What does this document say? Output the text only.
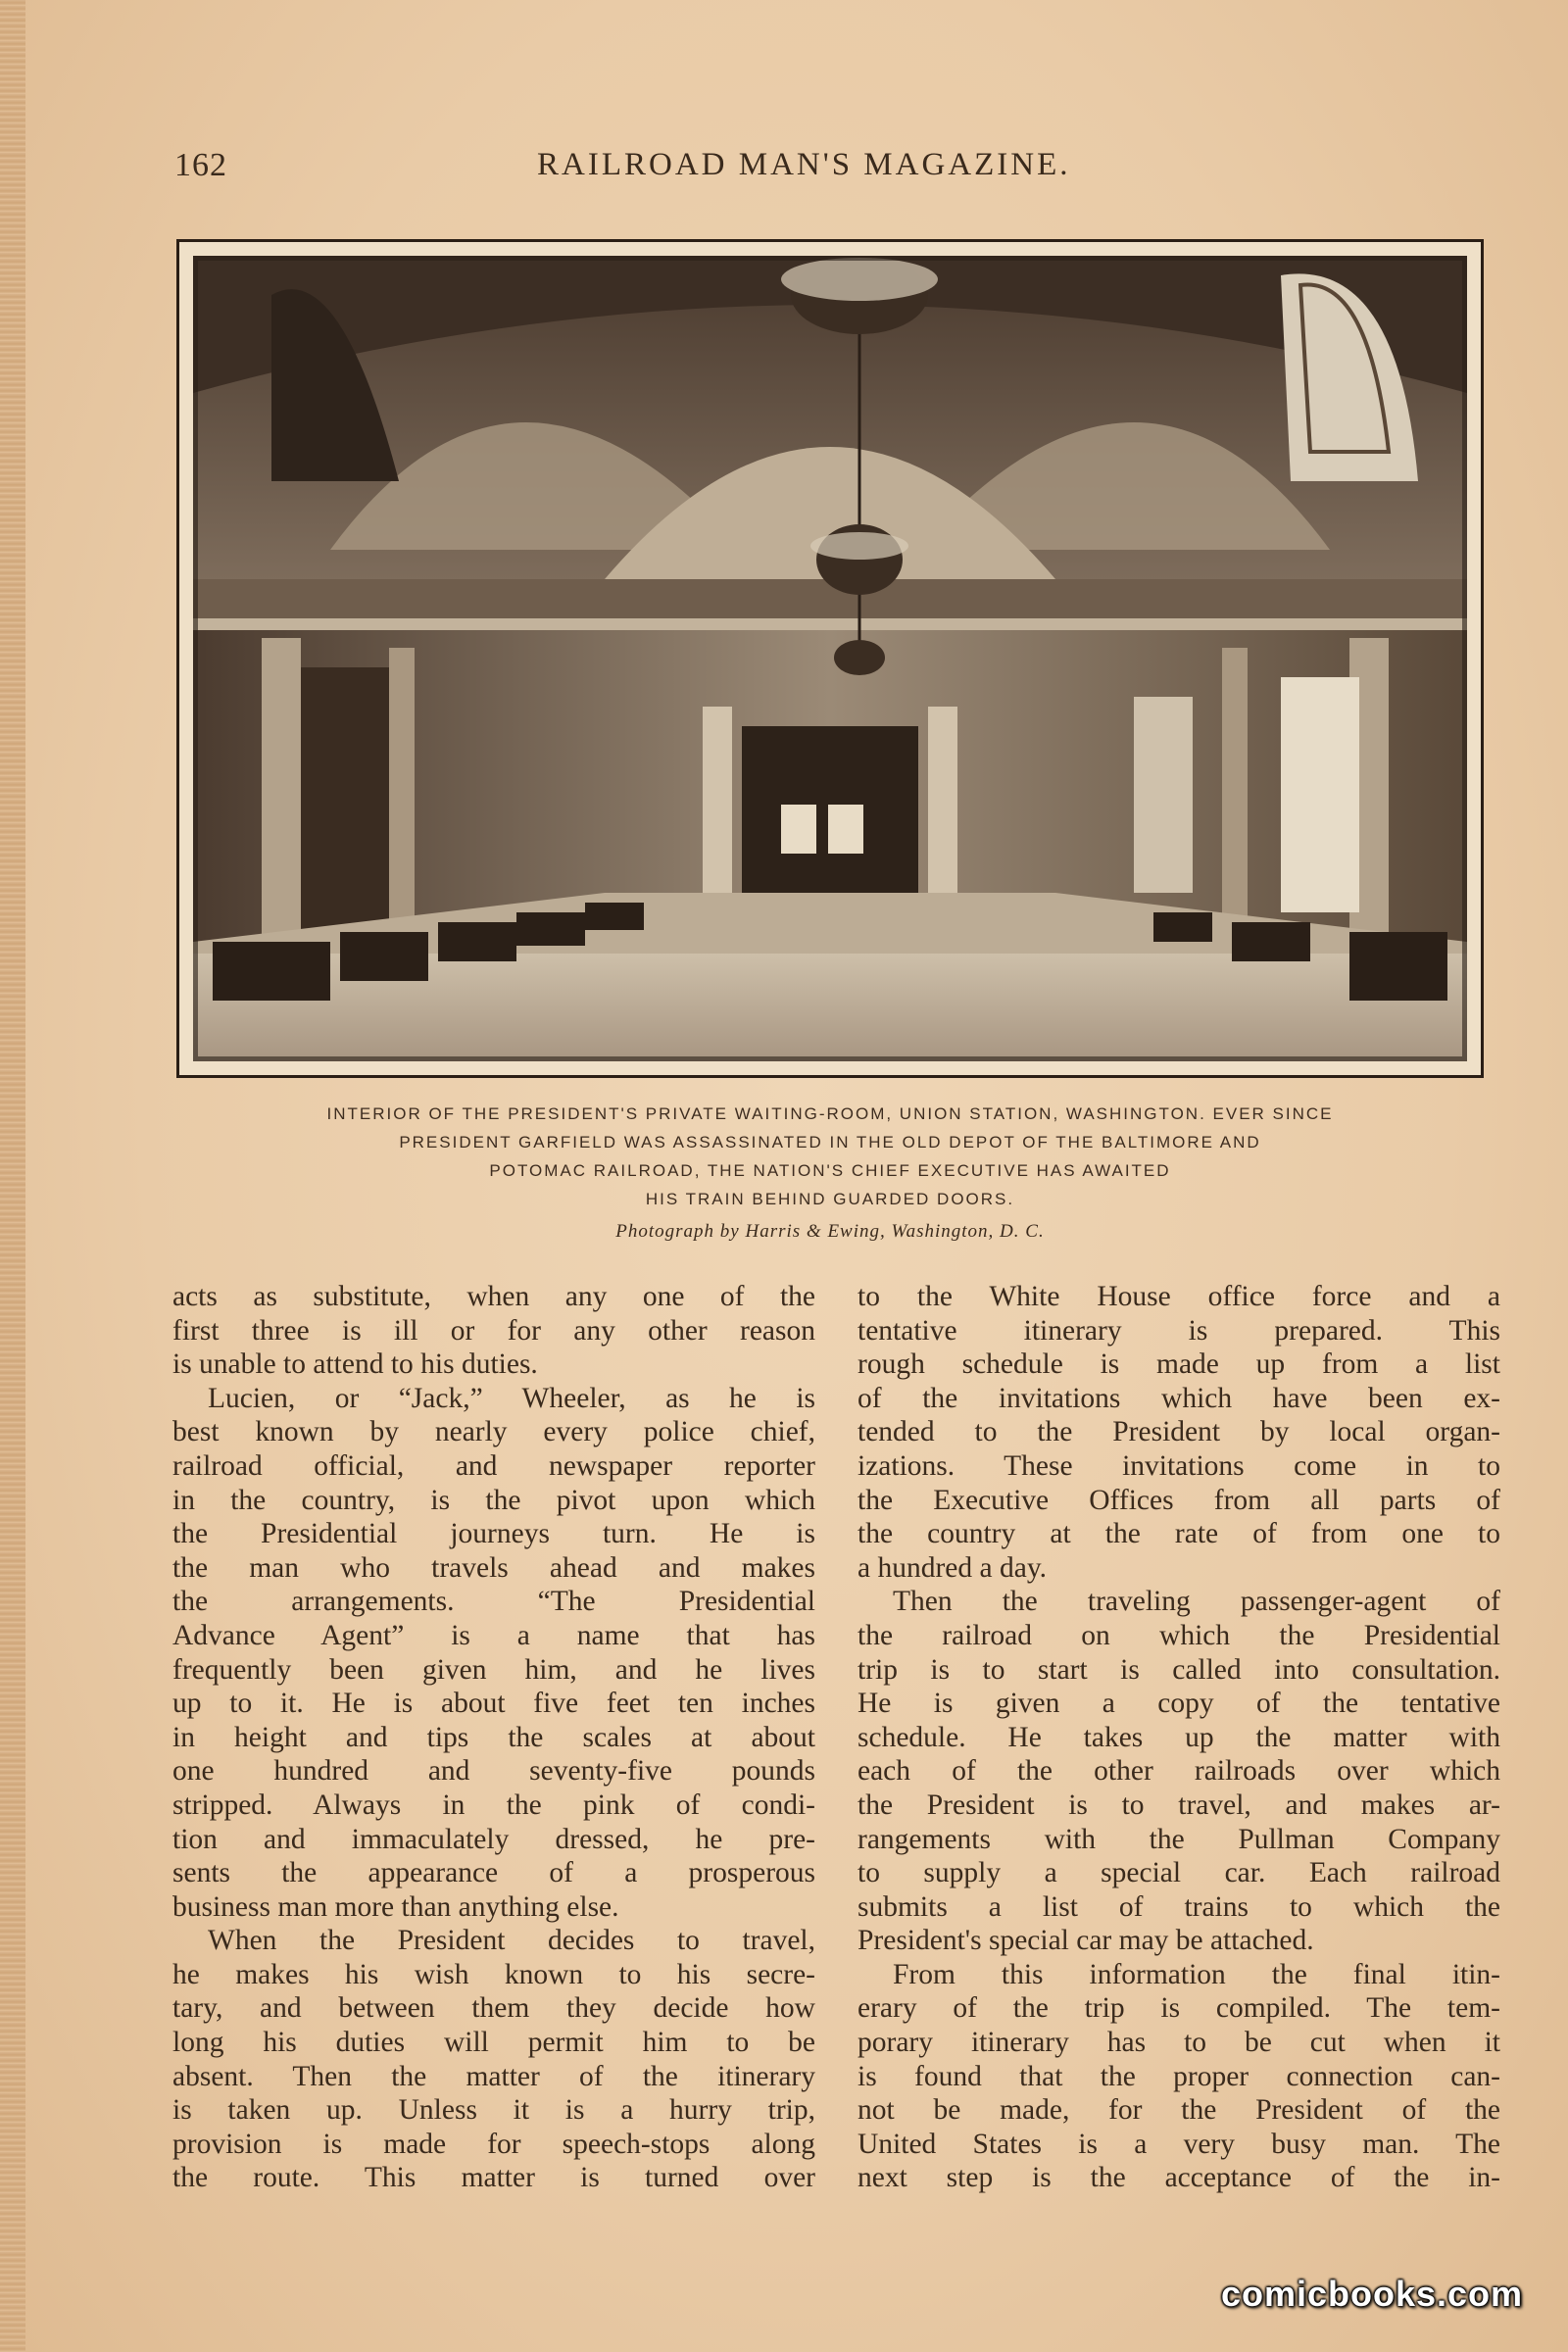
162	RAILROAD MAN'S MAGAZINE.
INTERIOR OF THE PRESIDENT'S PRIVATE WAITING-ROOM, UNION STATION, WASHINGTON. EVER SINCE
PRESIDENT GARFIELD WAS ASSASSINATED IN THE OLD DEPOT OF THE BALTIMORE AND
POTOMAC RAILROAD, THE NATION'S CHIEF EXECUTIVE HAS AWAITED
HIS TRAIN BEHIND GUARDED DOORS.
Photograph by Harris & Ewing, Washington, D. C.
acts as substitute, when any one of the
first three is ill or for any other reason
is unable to attend to his duties.
Lucien, or “Jack,” Wheeler, as he is
best known by nearly every police chief,
railroad official, and newspaper reporter
in the country, is the pivot upon which
the Presidential journeys turn. He is
the man who travels ahead and makes
the arrangements. “The Presidential
Advance Agent” is a name that has
frequently been given him, and he lives
up to it. He is about five feet ten inches
in height and tips the scales at about
one hundred and seventy-five pounds
stripped. Always in the pink of condi-
tion and immaculately dressed, he pre-
sents the appearance of a prosperous
business man more than anything else.
When the President decides to travel,
he makes his wish known to his secre-
tary, and between them they decide how
long his duties will permit him to be
absent. Then the matter of the itinerary
is taken up. Unless it is a hurry trip,
provision is made for speech-stops along
the route. This matter is turned over
to the White House office force and a
tentative itinerary is prepared. This
rough schedule is made up from a list
of the invitations which have been ex-
tended to the President by local organ-
izations. These invitations come in to
the Executive Offices from all parts of
the country at the rate of from one to
a hundred a day.
Then the traveling passenger-agent of
the railroad on which the Presidential
trip is to start is called into consultation.
He is given a copy of the tentative
schedule. He takes up the matter with
each of the other railroads over which
the President is to travel, and makes ar-
rangements with the Pullman Company
to supply a special car. Each railroad
submits a list of trains to which the
President's special car may be attached.
From this information the final itin-
erary of the trip is compiled. The tem-
porary itinerary has to be cut when it
is found that the proper connection can-
not be made, for the President of the
United States is a very busy man. The
next step is the acceptance of the in-
comicbooks.com
